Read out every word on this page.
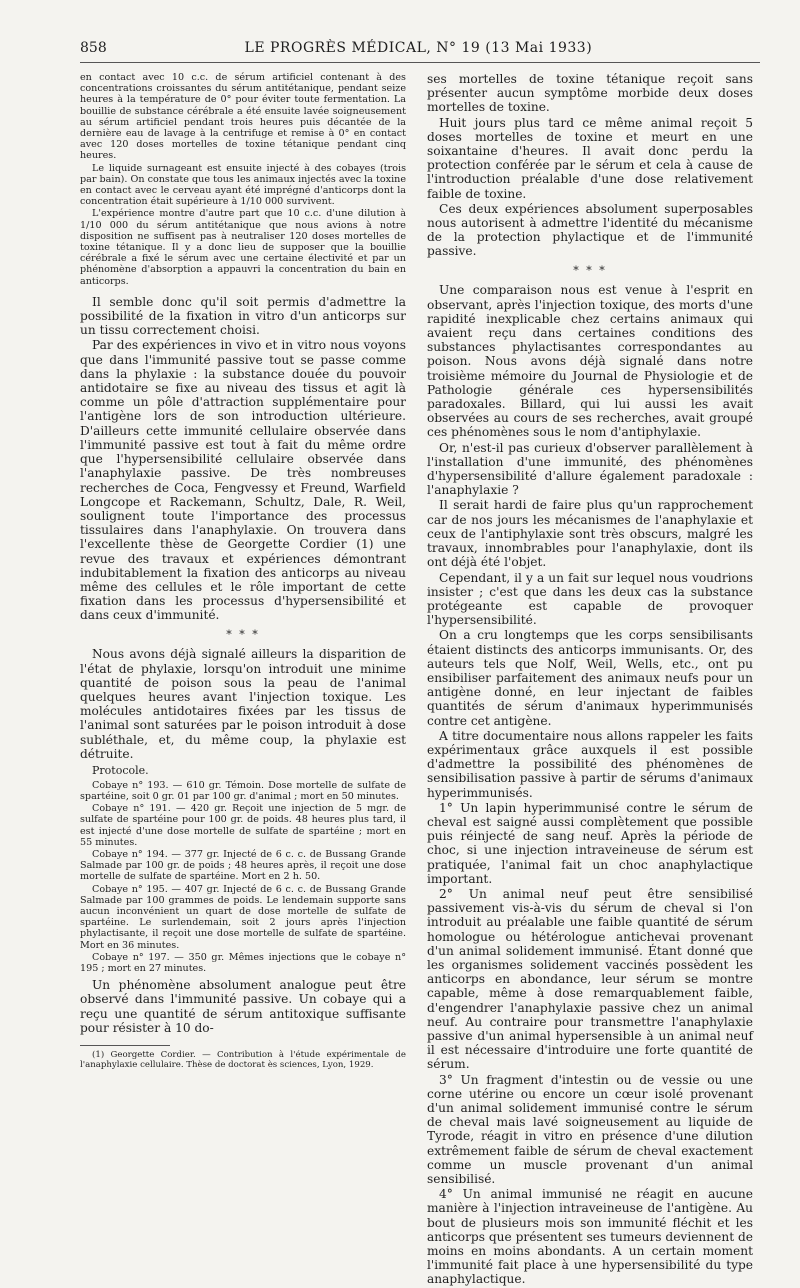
858	LE PROGRÈS MÉDICAL, N° 19 (13 Mai 1933)

en contact avec 10 c.c. de sérum artificiel contenant à des concentrations croissantes du sérum antitétanique, pendant seize heures à la température de 0° pour éviter toute fermentation. La bouillie de substance cérébrale a été ensuite lavée soigneusement au sérum artificiel pendant trois heures puis décantée de la dernière eau de lavage à la centrifuge et remise à 0° en contact avec 120 doses mortelles de toxine tétanique pendant cinq heures.

Le liquide surnageant est ensuite injecté à des cobayes (trois par bain). On constate que tous les animaux injectés avec la toxine en contact avec le cerveau ayant été imprégné d'anticorps dont la concentration était supérieure à 1/10 000 survivent.

L'expérience montre d'autre part que 10 c.c. d'une dilution à 1/10 000 du sérum antitétanique que nous avions à notre disposition ne suffisent pas à neutraliser 120 doses mortelles de toxine tétanique. Il y a donc lieu de supposer que la bouillie cérébrale a fixé le sérum avec une certaine électivité et par un phénomène d'absorption a appauvri la concentration du bain en anticorps.

Il semble donc qu'il soit permis d'admettre la possibilité de la fixation in vitro d'un anticorps sur un tissu correctement choisi.

Par des expériences in vivo et in vitro nous voyons que dans l'immunité passive tout se passe comme dans la phylaxie : la substance douée du pouvoir antidotaire se fixe au niveau des tissus et agit là comme un pôle d'attraction supplémentaire pour l'antigène lors de son introduction ultérieure. D'ailleurs cette immunité cellulaire observée dans l'immunité passive est tout à fait du même ordre que l'hypersensibilité cellulaire observée dans l'anaphylaxie passive. De très nombreuses recherches de Coca, Fengvessy et Freund, Warfield Longcope et Rackemann, Schultz, Dale, R. Weil, soulignent toute l'importance des processus tissulaires dans l'anaphylaxie. On trouvera dans l'excellente thèse de Georgette Cordier (1) une revue des travaux et expériences démontrant indubitablement la fixation des anticorps au niveau même des cellules et le rôle important de cette fixation dans les processus d'hypersensibilité et dans ceux d'immunité.

* * *

Nous avons déjà signalé ailleurs la disparition de l'état de phylaxie, lorsqu'on introduit une minime quantité de poison sous la peau de l'animal quelques heures avant l'injection toxique. Les molécules antidotaires fixées par les tissus de l'animal sont saturées par le poison introduit à dose subléthale, et, du même coup, la phylaxie est détruite.

Protocole.

Cobaye n° 193. — 610 gr. Témoin. Dose mortelle de sulfate de spartéine, soit 0 gr. 01 par 100 gr. d'animal ; mort en 50 minutes.

Cobaye n° 191. — 420 gr. Reçoit une injection de 5 mgr. de sulfate de spartéine pour 100 gr. de poids. 48 heures plus tard, il est injecté d'une dose mortelle de sulfate de spartéine ; mort en 55 minutes.

Cobaye n° 194. — 377 gr. Injecté de 6 c. c. de Bussang Grande Salmade par 100 gr. de poids ; 48 heures après, il reçoit une dose mortelle de sulfate de spartéine. Mort en 2 h. 50.

Cobaye n° 195. — 407 gr. Injecté de 6 c. c. de Bussang Grande Salmade par 100 grammes de poids. Le lendemain supporte sans aucun inconvénient un quart de dose mortelle de sulfate de spartéine. Le surlendemain, soit 2 jours après l'injection phylactisante, il reçoit une dose mortelle de sulfate de spartéine. Mort en 36 minutes.

Cobaye n° 197. — 350 gr. Mêmes injections que le cobaye n° 195 ; mort en 27 minutes.

Un phénomène absolument analogue peut être observé dans l'immunité passive. Un cobaye qui a reçu une quantité de sérum antitoxique suffisante pour résister à 10 do-

(1) Georgette Cordier. — Contribution à l'étude expérimentale de l'anaphylaxie cellulaire. Thèse de doctorat ès sciences, Lyon, 1929.

ses mortelles de toxine tétanique reçoit sans présenter aucun symptôme morbide deux doses mortelles de toxine.

Huit jours plus tard ce même animal reçoit 5 doses mortelles de toxine et meurt en une soixantaine d'heures. Il avait donc perdu la protection conférée par le sérum et cela à cause de l'introduction préalable d'une dose relativement faible de toxine.

Ces deux expériences absolument superposables nous autorisent à admettre l'identité du mécanisme de la protection phylactique et de l'immunité passive.

* * *

Une comparaison nous est venue à l'esprit en observant, après l'injection toxique, des morts d'une rapidité inexplicable chez certains animaux qui avaient reçu dans certaines conditions des substances phylactisantes correspondantes au poison. Nous avons déjà signalé dans notre troisième mémoire du Journal de Physiologie et de Pathologie générale ces hypersensibilités paradoxales. Billard, qui lui aussi les avait observées au cours de ses recherches, avait groupé ces phénomènes sous le nom d'antiphylaxie.

Or, n'est-il pas curieux d'observer parallèlement à l'installation d'une immunité, des phénomènes d'hypersensibilité d'allure également paradoxale : l'anaphylaxie ?

Il serait hardi de faire plus qu'un rapprochement car de nos jours les mécanismes de l'anaphylaxie et ceux de l'antiphylaxie sont très obscurs, malgré les travaux, innombrables pour l'anaphylaxie, dont ils ont déjà été l'objet.

Cependant, il y a un fait sur lequel nous voudrions insister ; c'est que dans les deux cas la substance protégeante est capable de provoquer l'hypersensibilité.

On a cru longtemps que les corps sensibilisants étaient distincts des anticorps immunisants. Or, des auteurs tels que Nolf, Weil, Wells, etc., ont pu ensibiliser parfaitement des animaux neufs pour un antigène donné, en leur injectant de faibles quantités de sérum d'animaux hyperimmunisés contre cet antigène.

A titre documentaire nous allons rappeler les faits expérimentaux grâce auxquels il est possible d'admettre la possibilité des phénomènes de sensibilisation passive à partir de sérums d'animaux hyperimmunisés.

1° Un lapin hyperimmunisé contre le sérum de cheval est saigné aussi complètement que possible puis réinjecté de sang neuf. Après la période de choc, si une injection intraveineuse de sérum est pratiquée, l'animal fait un choc anaphylactique important.

2° Un animal neuf peut être sensibilisé passivement vis-à-vis du sérum de cheval si l'on introduit au préalable une faible quantité de sérum homologue ou hétérologue antichevai provenant d'un animal solidement immunisé. Étant donné que les organismes solidement vaccinés possèdent les anticorps en abondance, leur sérum se montre capable, même à dose remarquablement faible, d'engendrer l'anaphylaxie passive chez un animal neuf. Au contraire pour transmettre l'anaphylaxie passive d'un animal hypersensible à un animal neuf il est nécessaire d'introduire une forte quantité de sérum.

3° Un fragment d'intestin ou de vessie ou une corne utérine ou encore un cœur isolé provenant d'un animal solidement immunisé contre le sérum de cheval mais lavé soigneusement au liquide de Tyrode, réagit in vitro en présence d'une dilution extrêmement faible de sérum de cheval exactement comme un muscle provenant d'un animal sensibilisé.

4° Un animal immunisé ne réagit en aucune manière à l'injection intraveineuse de l'antigène. Au bout de plusieurs mois son immunité fléchit et les anticorps que présentent ses tumeurs deviennent de moins en moins abondants. A un certain moment l'immunité fait place à une hypersensibilité du type anaphylactique.
